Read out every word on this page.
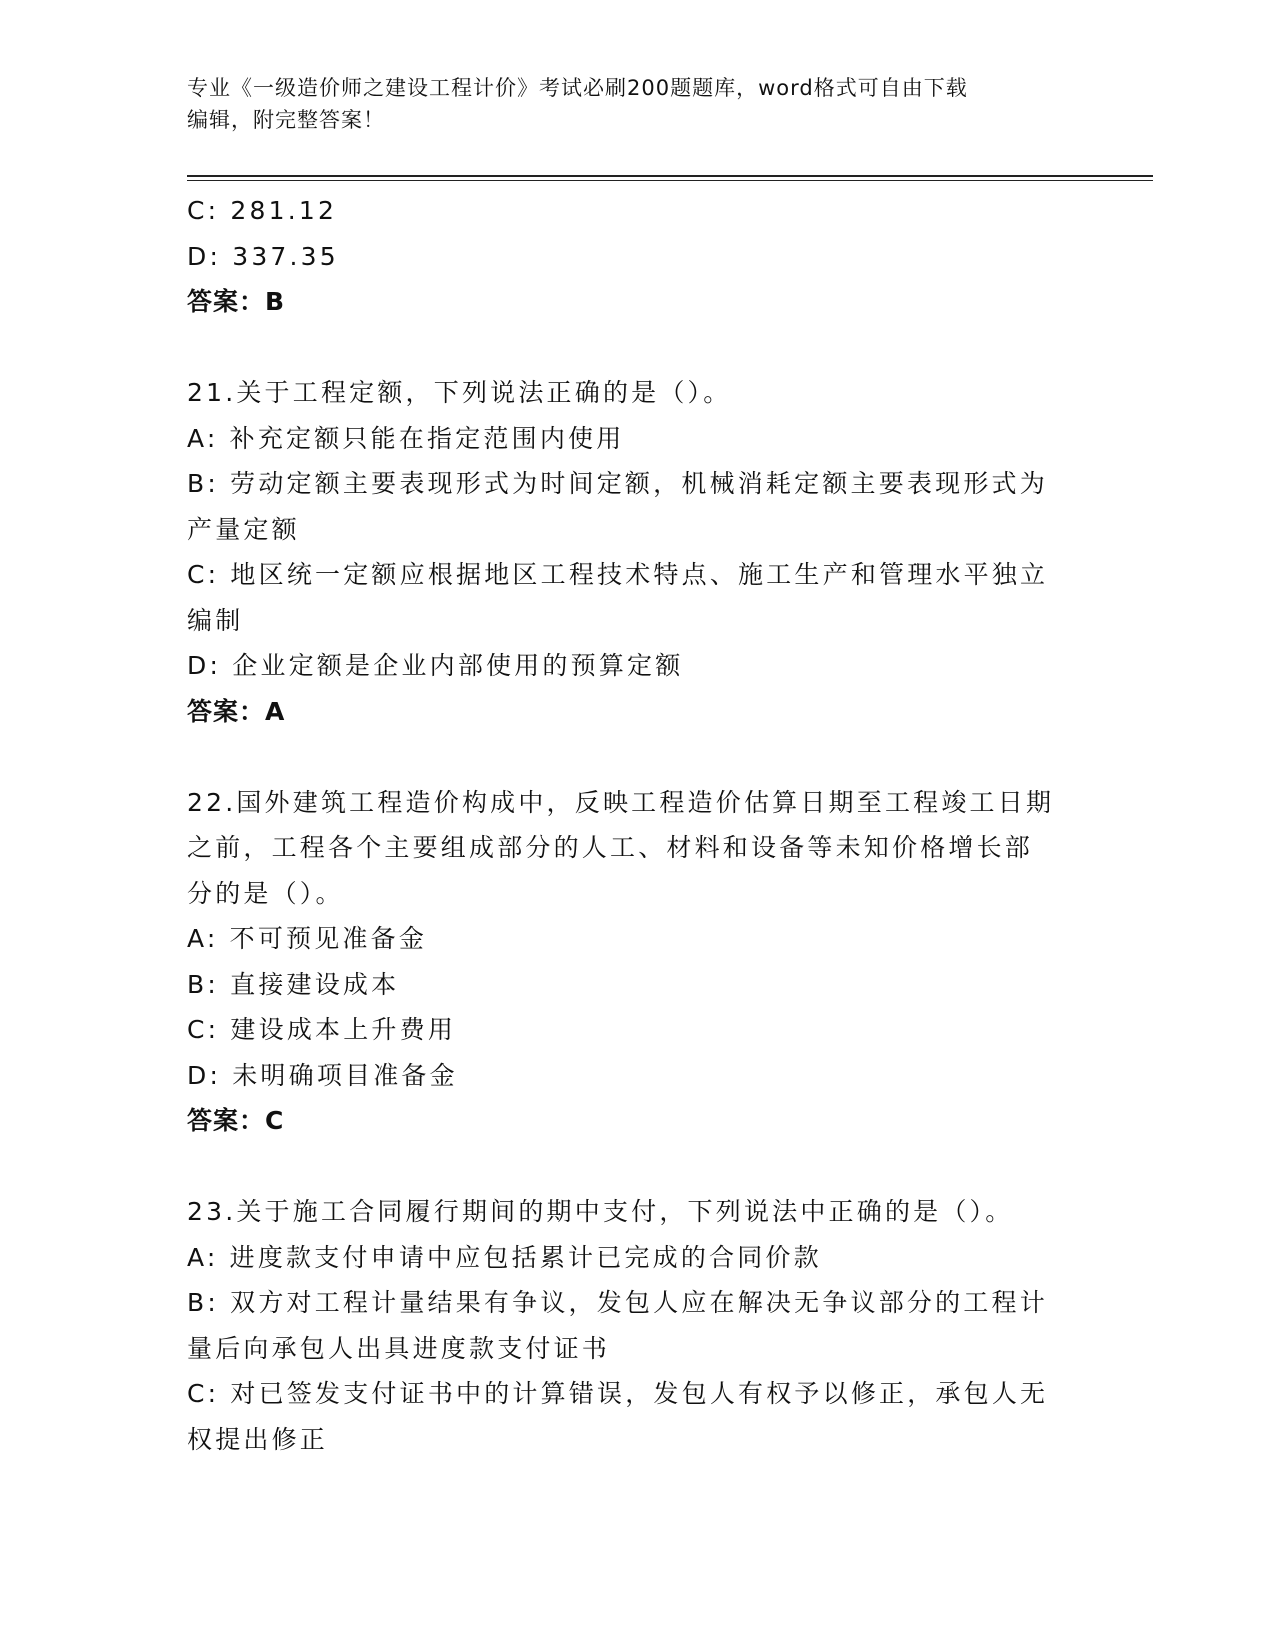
专业《一级造价师之建设工程计价》考试必刷200题题库，word格式可自由下载
编辑，附完整答案！

C: 281.12

D: 337.35

答案：B

21.关于工程定额，下列说法正确的是（）。

A: 补充定额只能在指定范围内使用

B: 劳动定额主要表现形式为时间定额，机械消耗定额主要表现形式为

产量定额

C: 地区统一定额应根据地区工程技术特点、施工生产和管理水平独立

编制

D: 企业定额是企业内部使用的预算定额

答案：A

22.国外建筑工程造价构成中，反映工程造价估算日期至工程竣工日期

之前，工程各个主要组成部分的人工、材料和设备等未知价格增长部

分的是（）。

A: 不可预见准备金

B: 直接建设成本

C: 建设成本上升费用

D: 未明确项目准备金

答案：C

23.关于施工合同履行期间的期中支付，下列说法中正确的是（）。

A: 进度款支付申请中应包括累计已完成的合同价款

B: 双方对工程计量结果有争议，发包人应在解决无争议部分的工程计

量后向承包人出具进度款支付证书

C: 对已签发支付证书中的计算错误，发包人有权予以修正，承包人无

权提出修正
